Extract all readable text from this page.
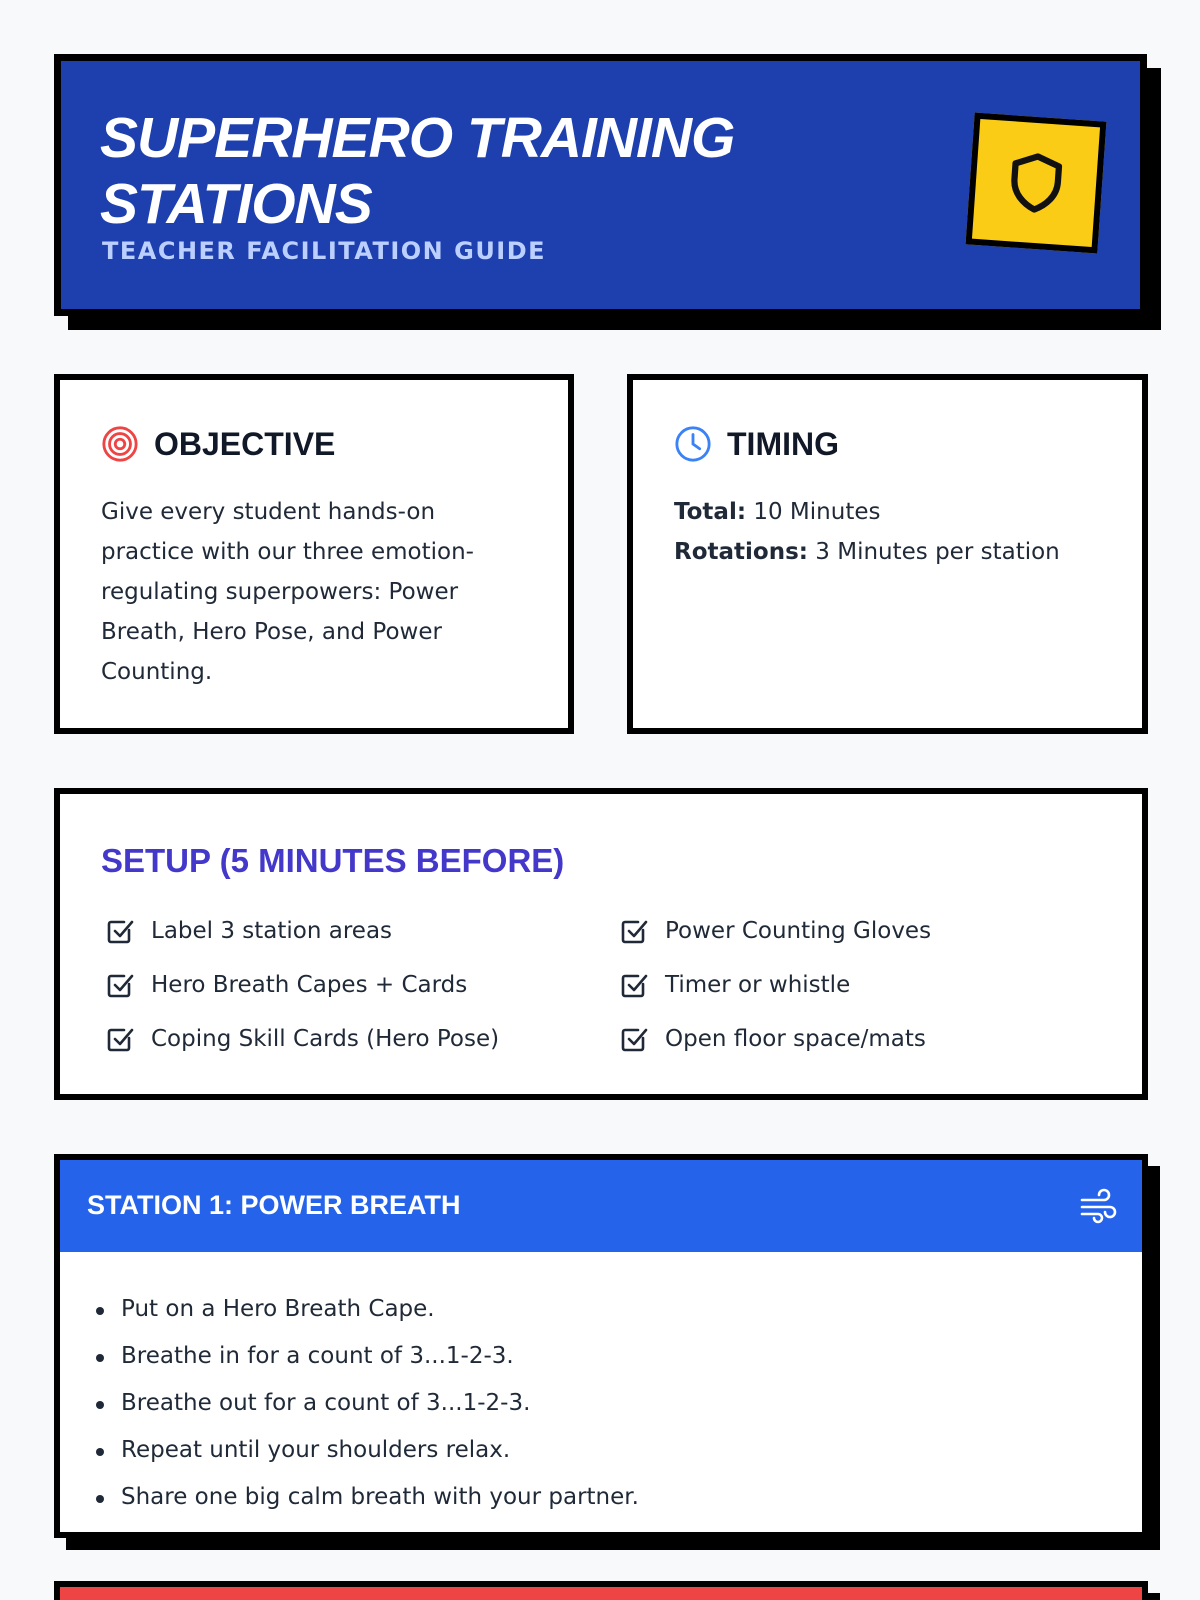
SUPERHERO TRAINING STATIONS
TEACHER FACILITATION GUIDE
OBJECTIVE

Give every student hands-on practice with our three emotion-regulating superpowers: Power Breath, Hero Pose, and Power Counting.

TIMING
Total: 10 Minutes
Rotations: 3 Minutes per station
SETUP (5 MINUTES BEFORE)
Label 3 station areas	Power Counting Gloves
Hero Breath Capes + Cards	Timer or whistle
Coping Skill Cards (Hero Pose)	Open floor space/mats
STATION 1: POWER BREATH
Put on a Hero Breath Cape.
Breathe in for a count of 3...1-2-3.
Breathe out for a count of 3...1-2-3.
Repeat until your shoulders relax.
Share one big calm breath with your partner.
